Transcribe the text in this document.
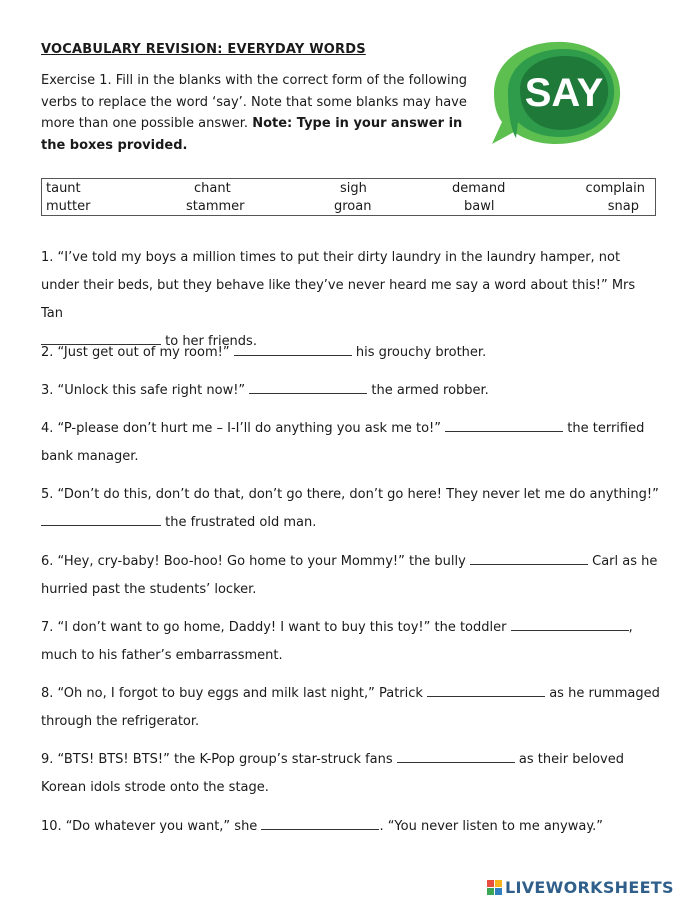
VOCABULARY REVISION: EVERYDAY WORDS
Exercise 1. Fill in the blanks with the correct form of the following verbs to replace the word ‘say’. Note that some blanks may have more than one possible answer. Note: Type in your answer in the boxes provided.
SAY
taunt	chant	sigh	demand	complain
mutter	stammer	groan	bawl	snap
1. “I’ve told my boys a million times to put their dirty laundry in the laundry hamper, not under their beds, but they behave like they’ve never heard me say a word about this!” Mrs Tan
to her friends.
2. “Just get out of my room!”	his grouchy brother.
3. “Unlock this safe right now!”	the armed robber.
4. “P-please don’t hurt me – I-I’ll do anything you ask me to!”	the terrified bank manager.
5. “Don’t do this, don’t do that, don’t go there, don’t go here! They never let me do anything!”  the frustrated old man.
6. “Hey, cry-baby! Boo-hoo! Go home to your Mommy!” the bully	Carl as he hurried past the students’ locker.
7. “I don’t want to go home, Daddy! I want to buy this toy!” the toddler	, much to his father’s embarrassment.
8. “Oh no, I forgot to buy eggs and milk last night,” Patrick	as he rummaged through the refrigerator.
9. “BTS! BTS! BTS!” the K-Pop group’s star-struck fans	as their beloved Korean idols strode onto the stage.
10. “Do whatever you want,” she	. “You never listen to me anyway.”
LIVEWORKSHEETS
